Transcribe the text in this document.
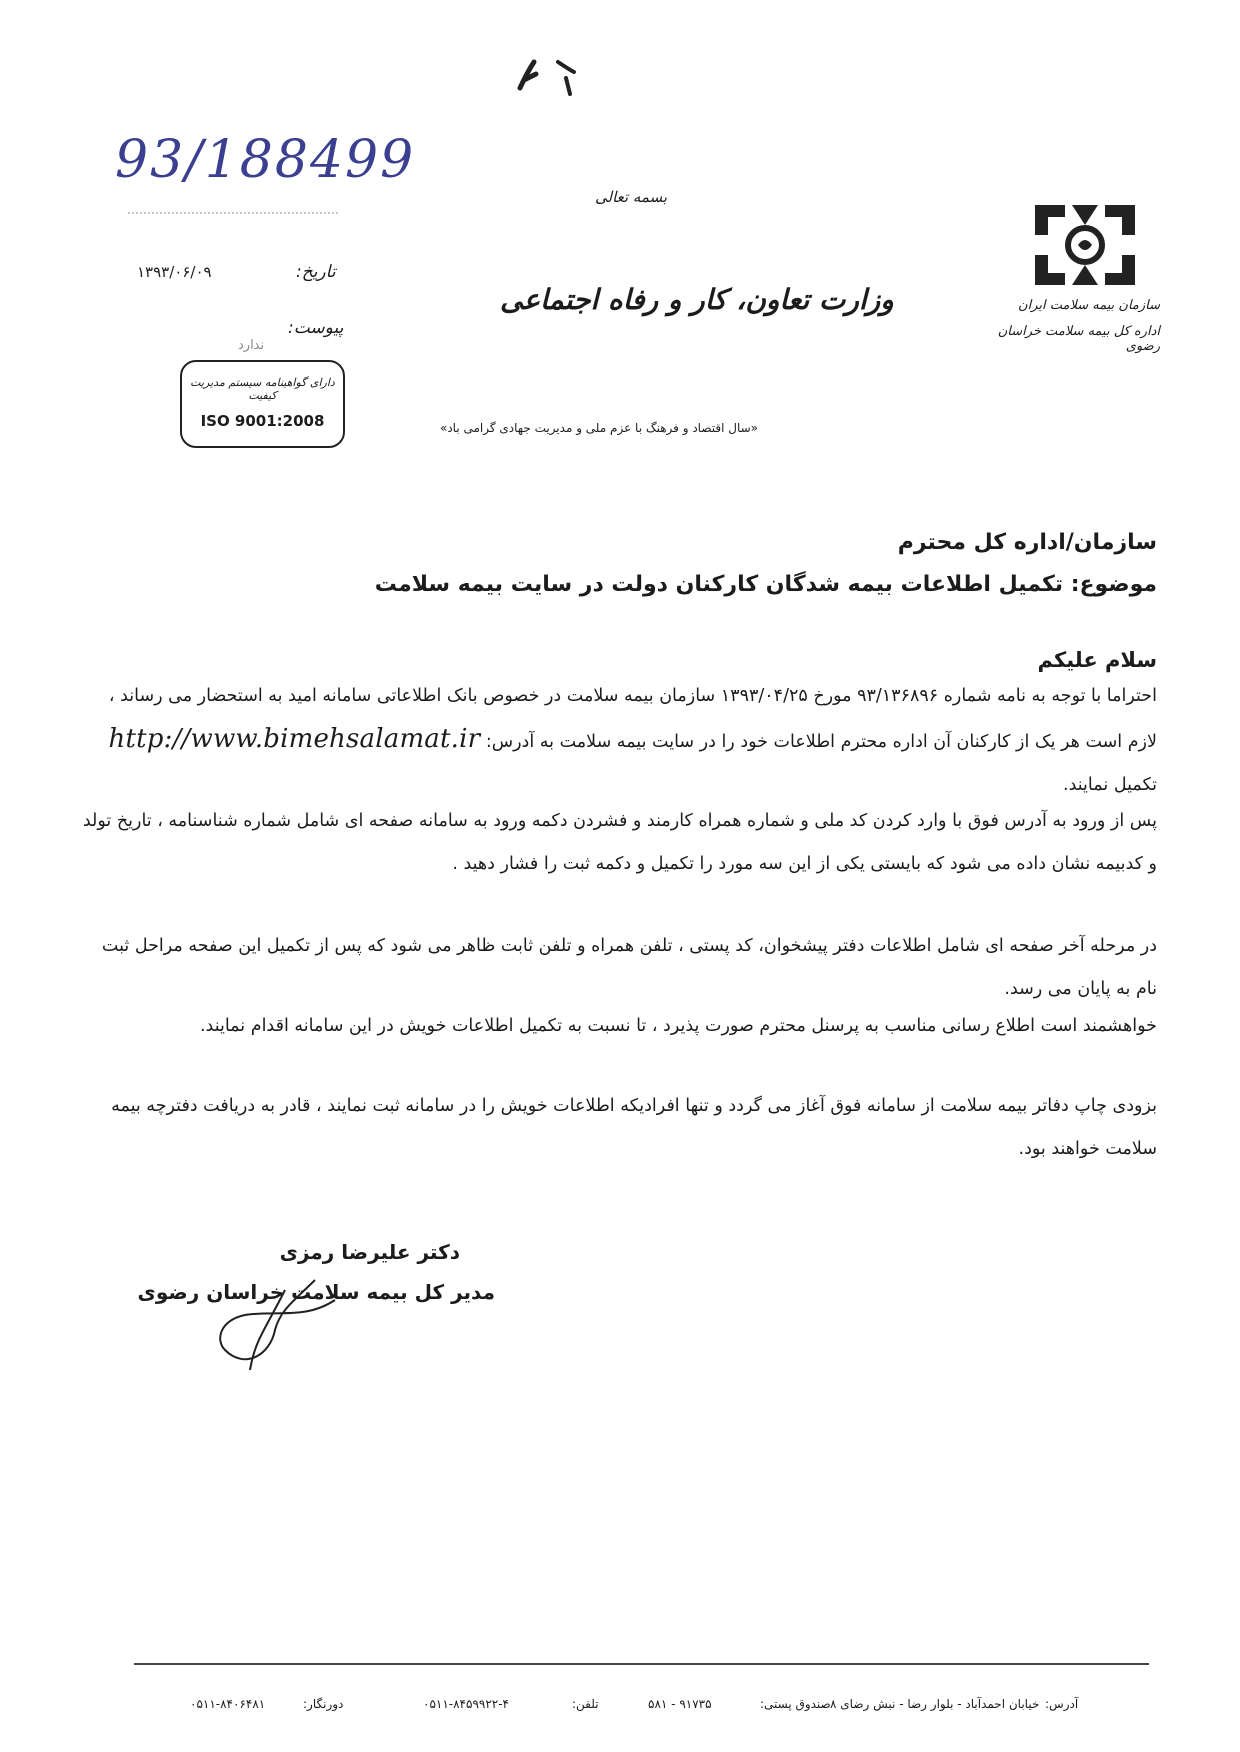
93/188499
تاریخ:
۱۳۹۳/۰۶/۰۹
پیوست:
ندارد
دارای گواهینامه سیستم مدیریت کیفیت
ISO 9001:2008
بسمه تعالی
وزارت تعاون، کار و رفاه اجتماعی
«سال اقتصاد و فرهنگ با عزم ملی و مدیریت جهادی گرامی باد»
سازمان بیمه سلامت ایران
اداره کل بیمه سلامت خراسان رضوی
سازمان/اداره کل محترم
موضوع: تکمیل اطلاعات بیمه شدگان کارکنان دولت در سایت بیمه سلامت
سلام علیکم
احتراما با توجه به نامه شماره ۹۳/۱۳۶۸۹۶ مورخ ۱۳۹۳/۰۴/۲۵ سازمان بیمه سلامت در خصوص بانک اطلاعاتی سامانه امید به استحضار می رساند ، لازم است هر یک از کارکنان آن اداره محترم اطلاعات خود را در سایت بیمه سلامت به آدرس: http://www.bimehsalamat.ir تکمیل نمایند.
پس از ورود به آدرس فوق با وارد کردن کد ملی و شماره همراه کارمند و فشردن دکمه ورود به سامانه صفحه ای شامل شماره شناسنامه ، تاریخ تولد و کدبیمه نشان داده می شود که بایستی یکی از این سه مورد را تکمیل و دکمه ثبت را فشار دهید .
در مرحله آخر صفحه ای شامل اطلاعات دفتر پیشخوان، کد پستی ، تلفن همراه و تلفن ثابت ظاهر می شود که پس از تکمیل این صفحه مراحل ثبت نام به پایان می رسد.
خواهشمند است اطلاع رسانی مناسب به پرسنل محترم صورت پذیرد ، تا نسبت به تکمیل اطلاعات خویش در این سامانه اقدام نمایند.
بزودی چاپ دفاتر بیمه سلامت از سامانه فوق آغاز می گردد و تنها افرادیکه اطلاعات خویش را در سامانه ثبت نمایند ، قادر به دریافت دفترچه بیمه سلامت خواهند بود.
دکتر علیرضا رمزی
مدیر کل بیمه سلامت خراسان رضوی
آدرس:
خیابان احمدآباد - بلوار رضا - نبش رضای ۸
صندوق پستی:
۹۱۷۳۵ - ۵۸۱
تلفن:
۰۵۱۱-۸۴۵۹۹۲۲-۴
دورنگار:
۰۵۱۱-۸۴۰۶۴۸۱
